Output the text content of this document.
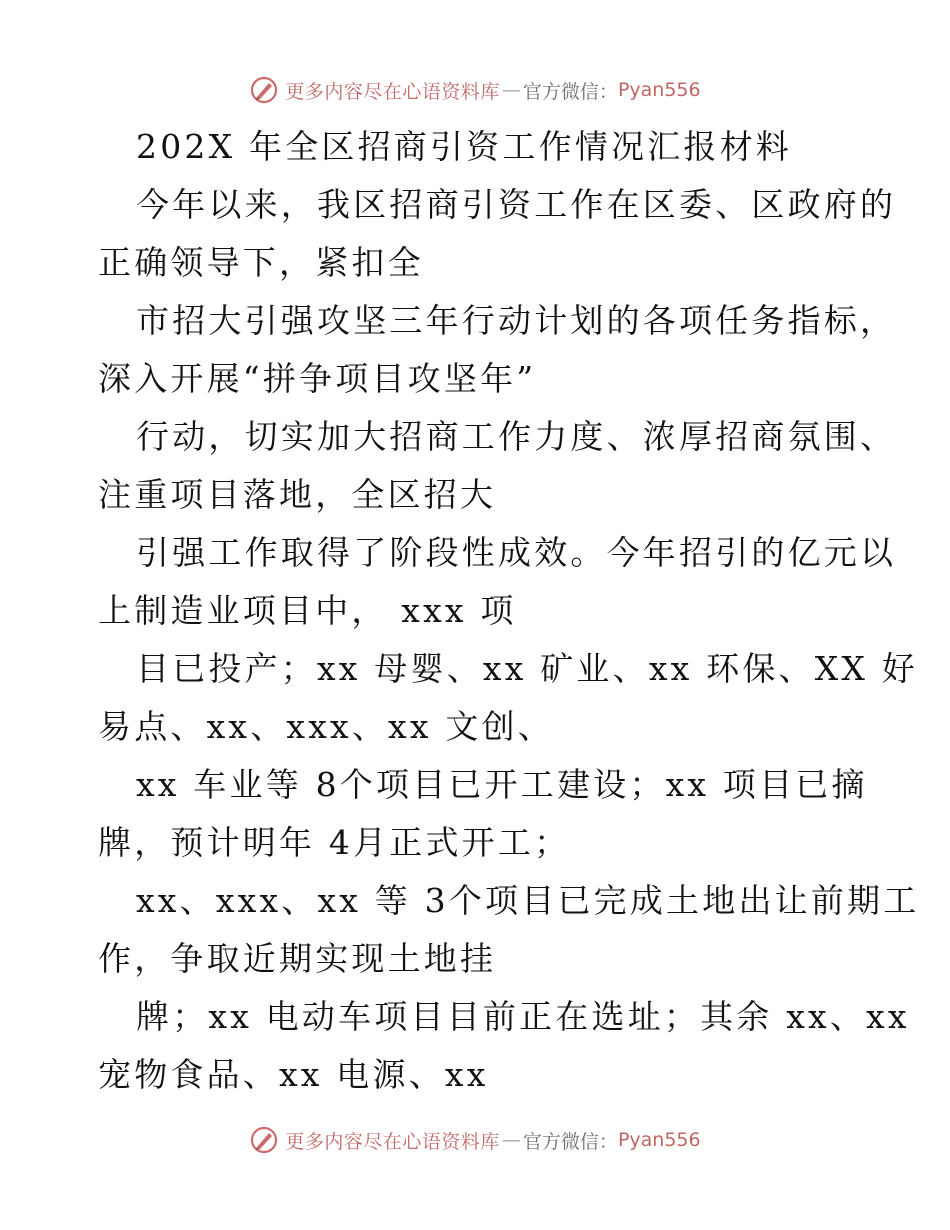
更多内容尽在心语资料库 — 官方微信： Pyan556
202X 年全区招商引资工作情况汇报材料
今年以来，我区招商引资工作在区委、区政府的
正确领导下，紧扣全
市招大引强攻坚三年行动计划的各项任务指标，
深入开展“拼争项目攻坚年”
行动，切实加大招商工作力度、浓厚招商氛围、
注重项目落地，全区招大
引强工作取得了阶段性成效。今年招引的亿元以
上制造业项目中， xxx 项
目已投产；xx 母婴、xx 矿业、xx 环保、XX 好
易点、xx、xxx、xx 文创、
xx 车业等 8个项目已开工建设；xx 项目已摘
牌，预计明年 4月正式开工；
xx、xxx、xx 等 3个项目已完成土地出让前期工
作，争取近期实现土地挂
牌；xx 电动车项目目前正在选址；其余 xx、xx
宠物食品、xx 电源、xx
更多内容尽在心语资料库 — 官方微信： Pyan556
